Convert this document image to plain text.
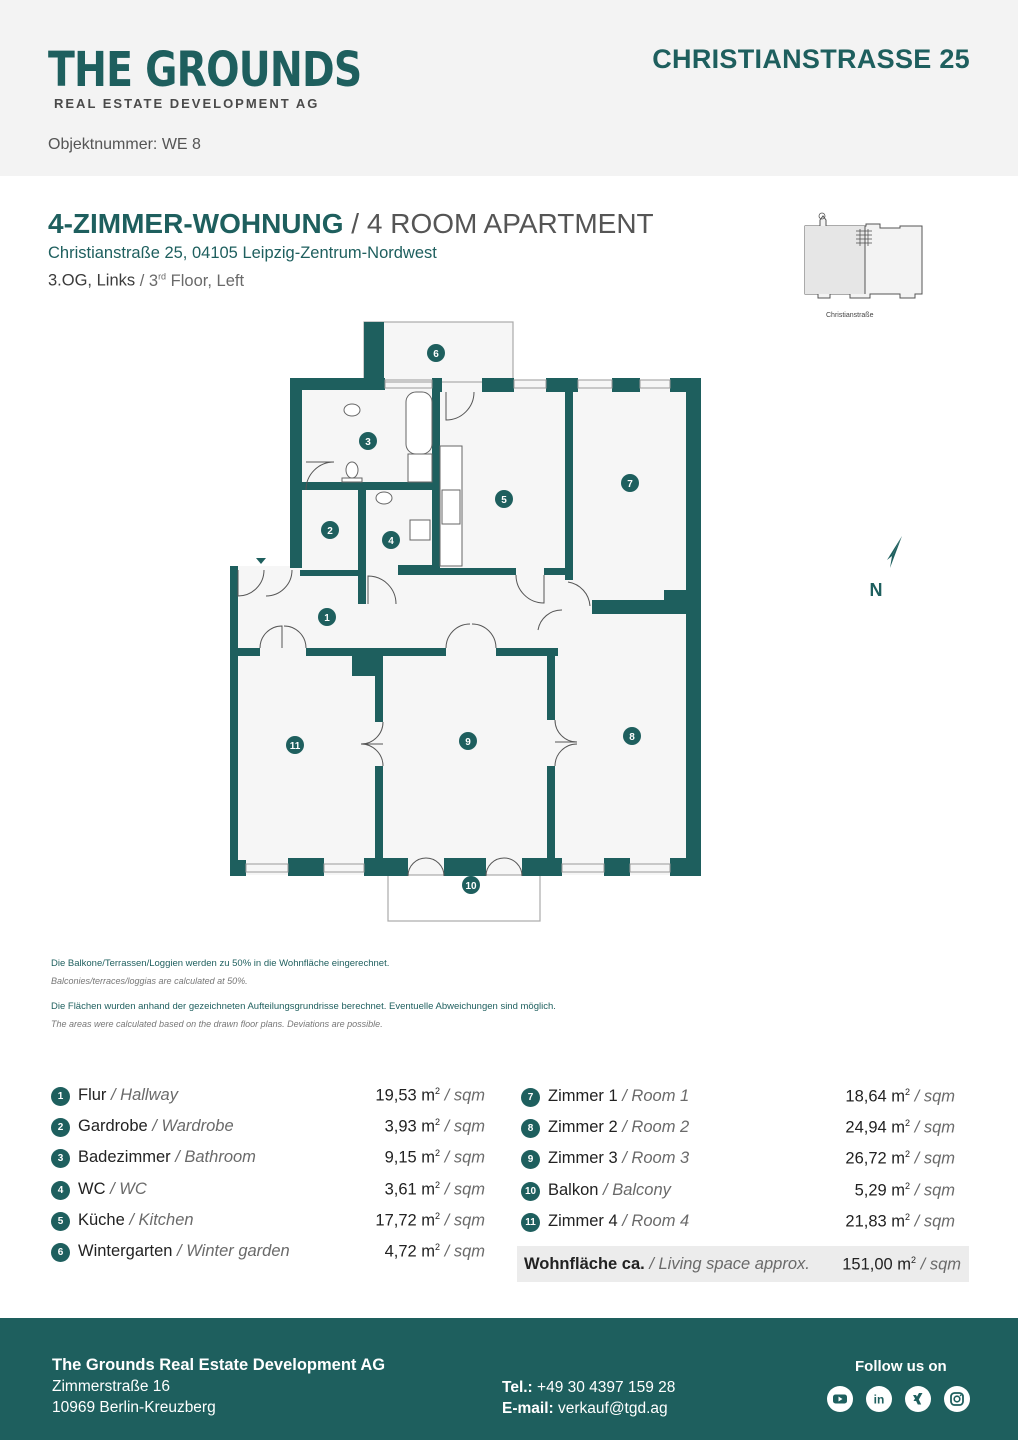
THE GROUNDS
REAL ESTATE DEVELOPMENT AG
CHRISTIANSTRASSE 25
Objektnummer: WE 8
4-ZIMMER-WOHNUNG / 4 ROOM APARTMENT
Christianstraße 25, 04105 Leipzig-Zentrum-Nordwest
3.OG, Links / 3rd Floor, Left
Christianstraße
6
3
5
7
2
4
1
8
9
11
10
N
Die Balkone/Terrassen/Loggien werden zu 50% in die Wohnfläche eingerechnet.
Balconies/terraces/loggias are calculated at 50%.
Die Flächen wurden anhand der gezeichneten Aufteilungsgrundrisse berechnet. Eventuelle Abweichungen sind möglich.
The areas were calculated based on the drawn floor plans. Deviations are possible.
1 Flur / Hallway	19,53 $m^2$ / sqm
2 Gardrobe / Wardrobe	3,93 $m^2$ / sqm
3 Badezimmer / Bathroom	9,15 $m^2$ / sqm
4 WC / WC	3,61 $m^2$ / sqm
5 Küche / Kitchen	17,72 $m^2$ / sqm
6 Wintergarten / Winter garden	4,72 $m^2$ / sqm
7 Zimmer 1 / Room 1	18,64 $m^2$ / sqm
8 Zimmer 2 / Room 2	24,94 $m^2$ / sqm
9 Zimmer 3 / Room 3	26,72 $m^2$ / sqm
10 Balkon / Balcony	5,29 $m^2$ / sqm
11 Zimmer 4 / Room 4	21,83 $m^2$ / sqm
Wohnfläche ca. / Living space approx. 151,00 $m^2$ / sqm
The Grounds Real Estate Development AG
Zimmerstraße 16
10969 Berlin-Kreuzberg
Tel.: +49 30 4397 159 28
E-mail: verkauf@tgd.ag
Follow us on
in
